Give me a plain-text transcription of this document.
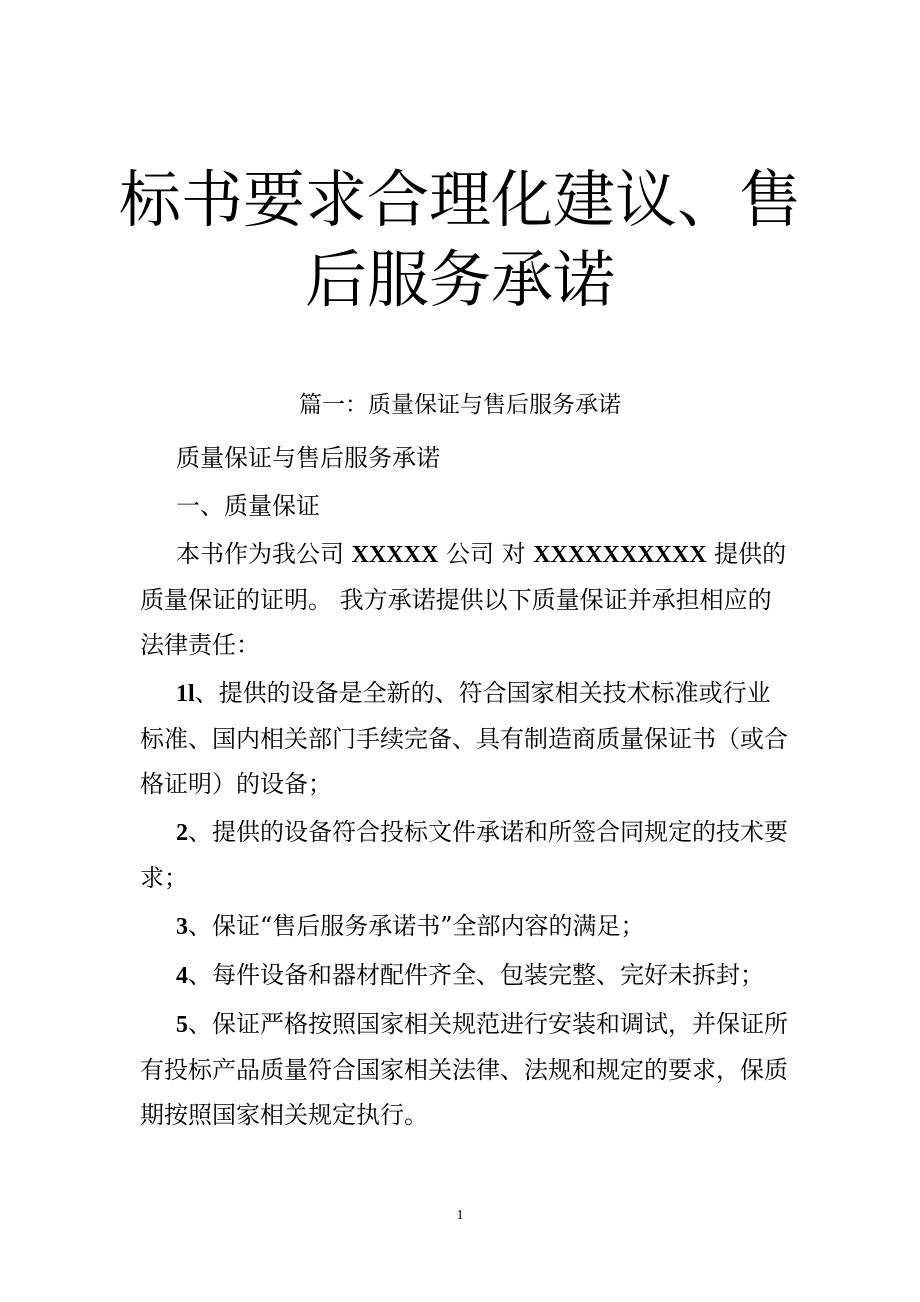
标书要求合理化建议、售
后服务承诺

篇一：质量保证与售后服务承诺

质量保证与售后服务承诺

一、质量保证

本书作为我公司 XXXXX 公司 对 XXXXXXXXXX 提供的质量保证的证明。 我方承诺提供以下质量保证并承担相应的法律责任：

1l、提供的设备是全新的、符合国家相关技术标准或行业标准、国内相关部门手续完备、具有制造商质量保证书（或合格证明）的设备；

2、提供的设备符合投标文件承诺和所签合同规定的技术要求；

3、保证“售后服务承诺书”全部内容的满足；

4、每件设备和器材配件齐全、包装完整、完好未拆封；

5、保证严格按照国家相关规范进行安装和调试，并保证所有投标产品质量符合国家相关法律、法规和规定的要求，保质期按照国家相关规定执行。

1
